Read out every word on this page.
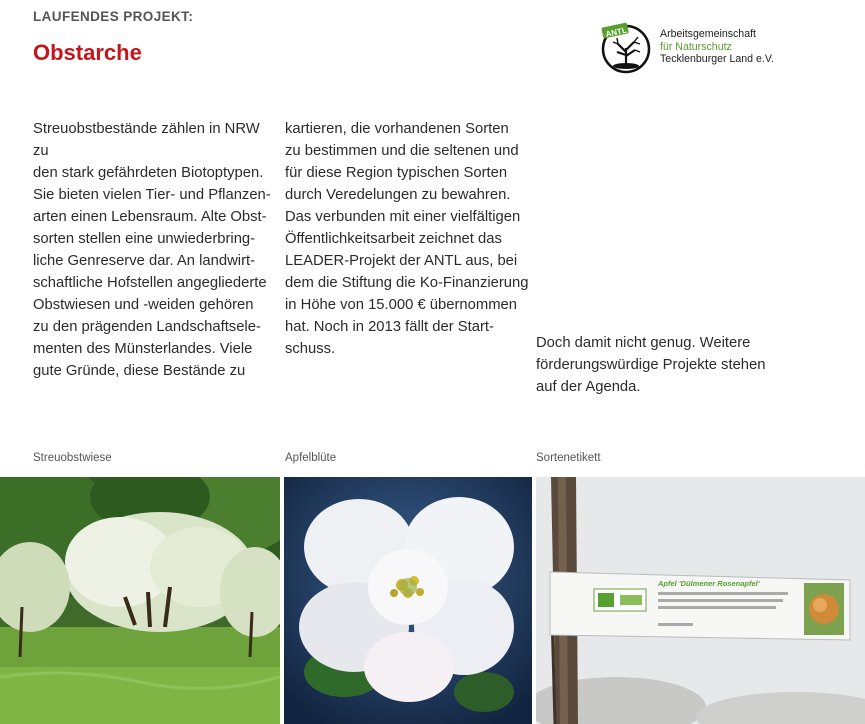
LAUFENDES PROJEKT:
Obstarche
ANTL	Arbeitsgemeinschaft
für Naturschutz
Tecklenburger Land e.V.
Streuobstbestände zählen in NRW zu
den stark gefährdeten Biotoptypen.
Sie bieten vielen Tier- und Pflanzen-
arten einen Lebensraum. Alte Obst-
sorten stellen eine unwiederbring-
liche Genreserve dar. An landwirt-
schaftliche Hofstellen angegliederte
Obstwiesen und -weiden gehören
zu den prägenden Landschaftsele-
menten des Münsterlandes. Viele
gute Gründe, diese Bestände zu
kartieren, die vorhandenen Sorten
zu bestimmen und die seltenen und
für diese Region typischen Sorten
durch Veredelungen zu bewahren.
Das verbunden mit einer vielfältigen
Öffentlichkeitsarbeit zeichnet das
LEADER-Projekt der ANTL aus, bei
dem die Stiftung die Ko-Finanzierung
in Höhe von 15.000 € übernommen
hat. Noch in 2013 fällt der Start-
schuss.	Doch damit nicht genug. Weitere
förderungswürdige Projekte stehen
auf der Agenda.
Streuobstwiese	Apfelblüte	Sortenetikett
Apfel 'Dülmener Rosenapfel'
